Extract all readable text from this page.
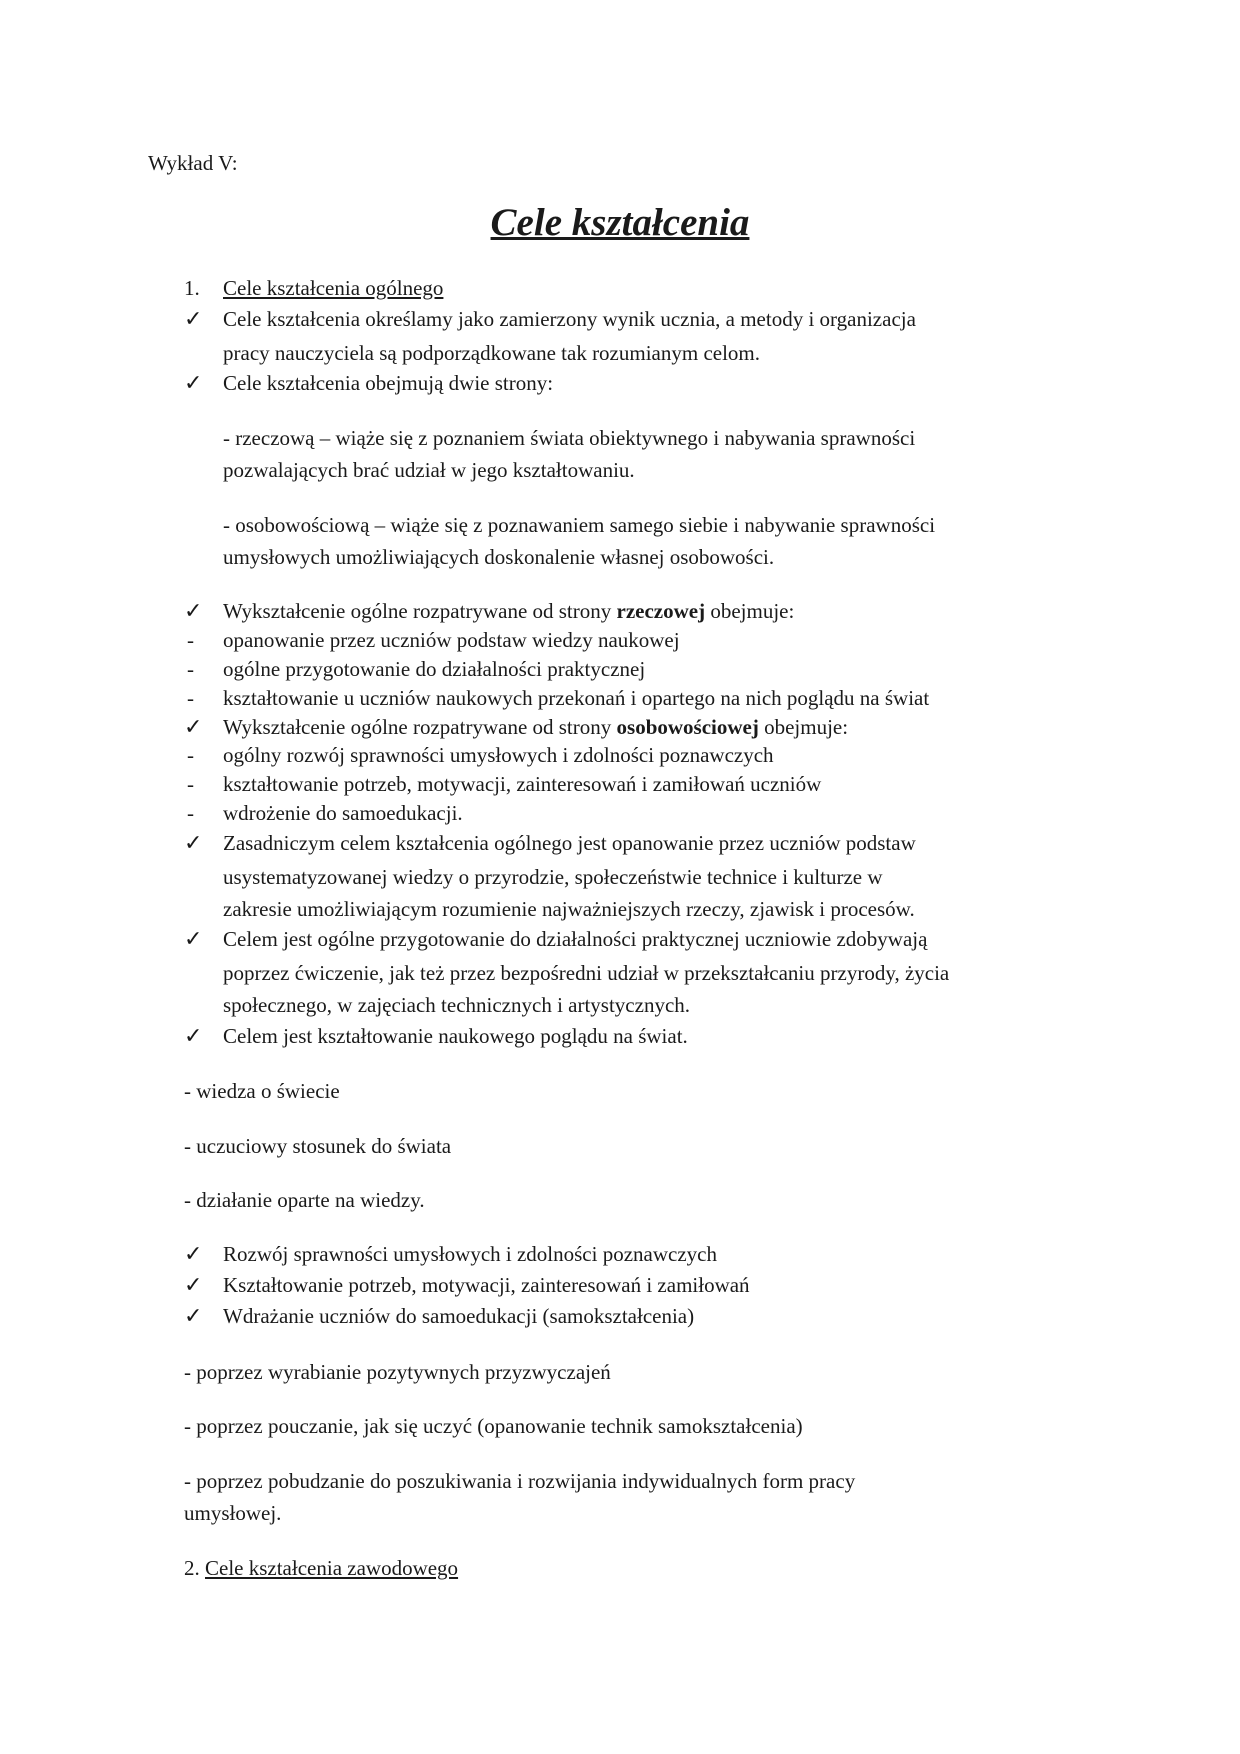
Wykład V:
Cele kształcenia
1.	Cele kształcenia ogólnego
✓ Cele kształcenia określamy jako zamierzony wynik ucznia, a metody i organizacja
pracy nauczyciela są podporządkowane tak rozumianym celom.
✓ Cele kształcenia obejmują dwie strony:
- rzeczową – wiąże się z poznaniem świata obiektywnego i nabywania sprawności
pozwalających brać udział w jego kształtowaniu.
- osobowościową – wiąże się z poznawaniem samego siebie i nabywanie sprawności
umysłowych umożliwiających doskonalenie własnej osobowości.
✓ Wykształcenie ogólne rozpatrywane od strony rzeczowej obejmuje:
-	opanowanie przez uczniów podstaw wiedzy naukowej
-	ogólne przygotowanie do działalności praktycznej
-	kształtowanie u uczniów naukowych przekonań i opartego na nich poglądu na świat
✓ Wykształcenie ogólne rozpatrywane od strony osobowościowej obejmuje:
-	ogólny rozwój sprawności umysłowych i zdolności poznawczych
-	kształtowanie potrzeb, motywacji, zainteresowań i zamiłowań uczniów
-	wdrożenie do samoedukacji.
✓ Zasadniczym celem kształcenia ogólnego jest opanowanie przez uczniów podstaw
usystematyzowanej wiedzy o przyrodzie, społeczeństwie technice i kulturze w
zakresie umożliwiającym rozumienie najważniejszych rzeczy, zjawisk i procesów.
✓ Celem jest ogólne przygotowanie do działalności praktycznej uczniowie zdobywają
poprzez ćwiczenie, jak też przez bezpośredni udział w przekształcaniu przyrody, życia
społecznego, w zajęciach technicznych i artystycznych.
✓ Celem jest kształtowanie naukowego poglądu na świat.
- wiedza o świecie
- uczuciowy stosunek do świata
- działanie oparte na wiedzy.
✓ Rozwój sprawności umysłowych i zdolności poznawczych
✓ Kształtowanie potrzeb, motywacji, zainteresowań i zamiłowań
✓ Wdrażanie uczniów do samoedukacji (samokształcenia)
- poprzez wyrabianie pozytywnych przyzwyczajeń
- poprzez pouczanie, jak się uczyć (opanowanie technik samokształcenia)
- poprzez pobudzanie do poszukiwania i rozwijania indywidualnych form pracy
umysłowej.
2. Cele kształcenia zawodowego
